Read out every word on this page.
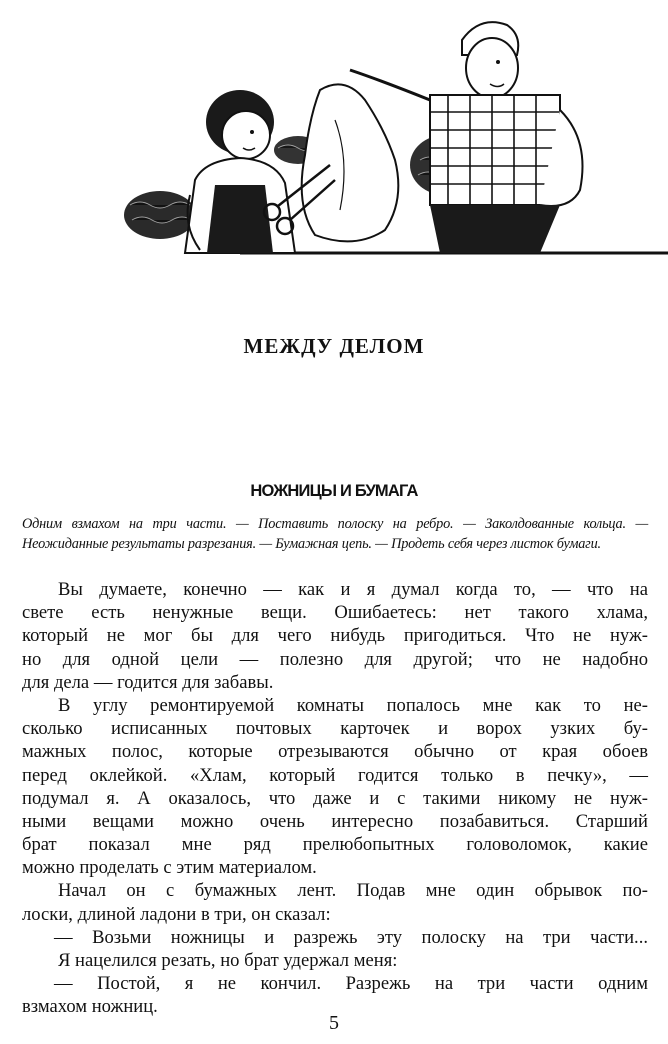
МЕЖДУ ДЕЛОМ
НОЖНИЦЫ И БУМАГА
Одним взмахом на три части. — Поставить полоску на ребро. — Заколдованные кольца. — Неожиданные результаты разрезания. — Бумажная цепь. — Продеть себя через листок бумаги.
Вы думаете, конечно — как и я думал когда то, — что на
свете есть ненужные вещи. Ошибаетесь: нет такого хлама,
который не мог бы для чего нибудь пригодиться. Что не нуж-
но для одной цели — полезно для другой; что не надобно
для дела — годится для забавы.
В углу ремонтируемой комнаты попалось мне как то не-
сколько исписанных почтовых карточек и ворох узких бу-
мажных полос, которые отрезываются обычно от края обоев
перед оклейкой. «Хлам, который годится только в печку», —
подумал я. А оказалось, что даже и с такими никому не нуж-
ными вещами можно очень интересно позабавиться. Старший
брат показал мне ряд прелюбопытных головоломок, какие
можно проделать с этим материалом.
Начал он с бумажных лент. Подав мне один обрывок по-
лоски, длиной ладони в три, он сказал:
— Возьми ножницы и разрежь эту полоску на три части...
Я нацелился резать, но брат удержал меня:
— Постой, я не кончил. Разрежь на три части одним
взмахом ножниц.
5
